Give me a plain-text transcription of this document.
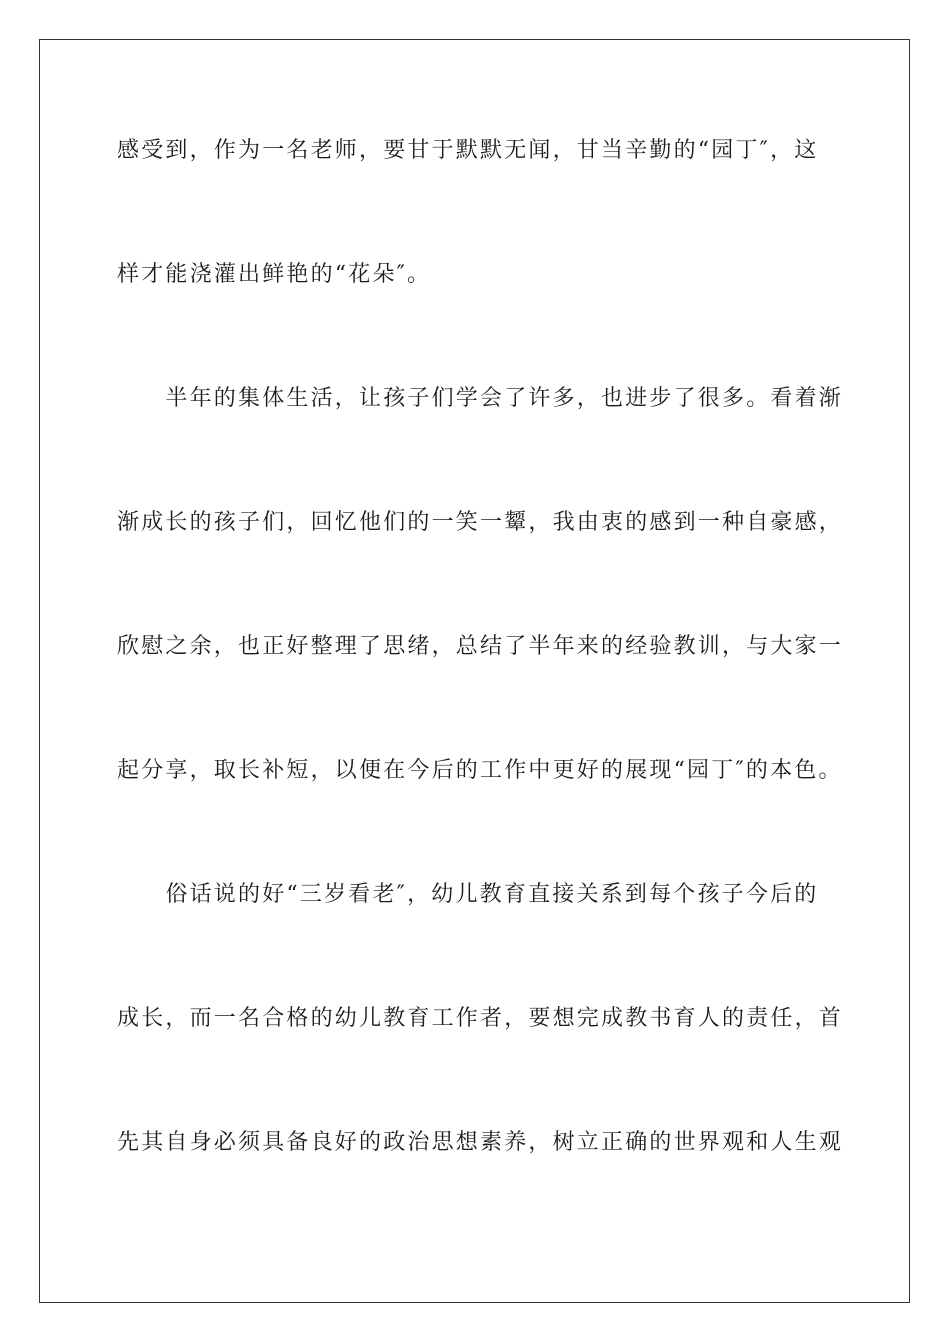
感受到，作为一名老师，要甘于默默无闻，甘当辛勤的“园丁″，这
样才能浇灌出鲜艳的“花朵″。
　　半年的集体生活，让孩子们学会了许多，也进步了很多。看着渐
渐成长的孩子们，回忆他们的一笑一颦，我由衷的感到一种自豪感，
欣慰之余，也正好整理了思绪，总结了半年来的经验教训，与大家一
起分享，取长补短，以便在今后的工作中更好的展现“园丁″的本色。
　　俗话说的好“三岁看老″，幼儿教育直接关系到每个孩子今后的
成长，而一名合格的幼儿教育工作者，要想完成教书育人的责任，首
先其自身必须具备良好的政治思想素养，树立正确的世界观和人生观
